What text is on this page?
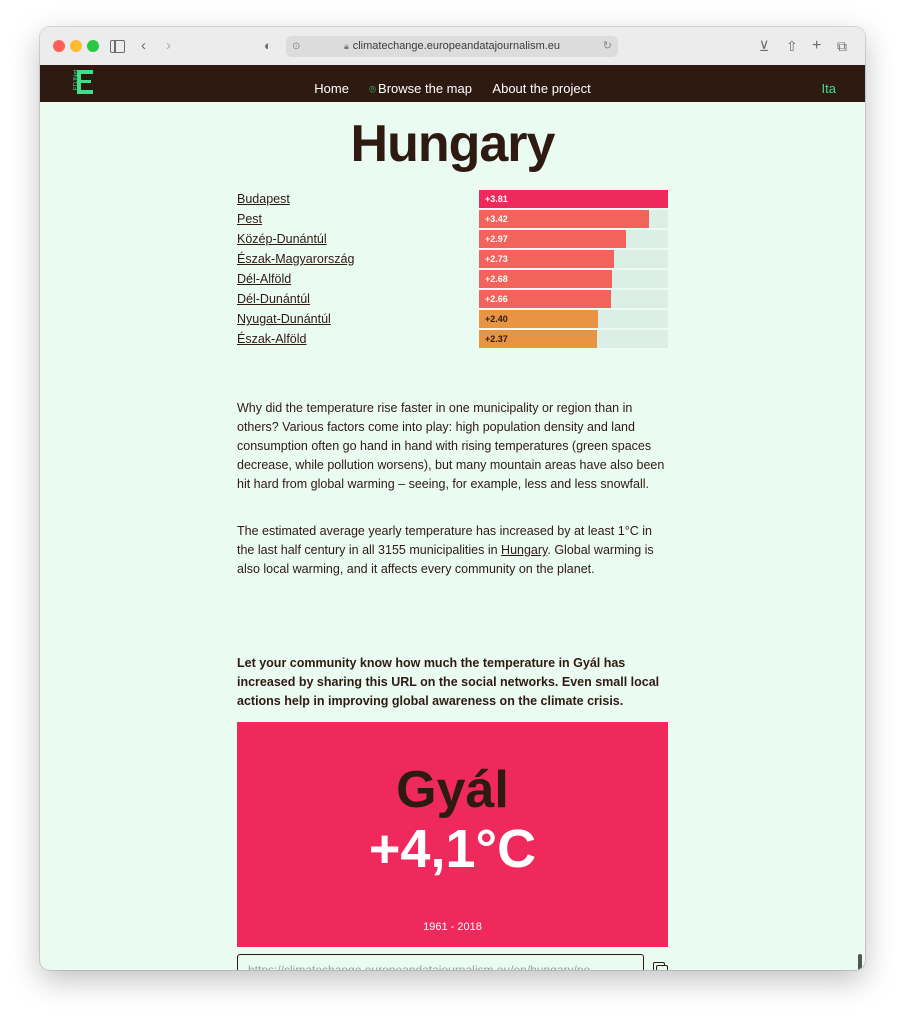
‹ ›	◐ ⊙	🔒︎ climatechange.europeandatajournalism.eu	↻	⊻ ⇧ + ⧉
EDJNet	Home ⌾ Browse the map About the project	Ita
Hungary
Budapest	+3.81
Pest	+3.42
Közép-Dunántúl	+2.97
Észak-Magyarország	+2.73
Dél-Alföld	+2.68
Dél-Dunántúl	+2.66
Nyugat-Dunántúl	+2.40
Észak-Alföld	+2.37

Why did the temperature rise faster in one municipality or region than in others? Various factors come into play: high population density and land consumption often go hand in hand with rising temperatures (green spaces decrease, while pollution worsens), but many mountain areas have also been hit hard from global warming – seeing, for example, less and less snowfall.

The estimated average yearly temperature has increased by at least 1°C in the last half century in all 3155 municipalities in Hungary. Global warming is also local warming, and it affects every community on the planet.

Let your community know how much the temperature in Gyál has increased by sharing this URL on the social networks. Even small local actions help in improving global awareness on the climate crisis.

Gyál
+4,1°C
1961 - 2018
https://climatechange.europeandatajournalism.eu/en/hungary/pe
